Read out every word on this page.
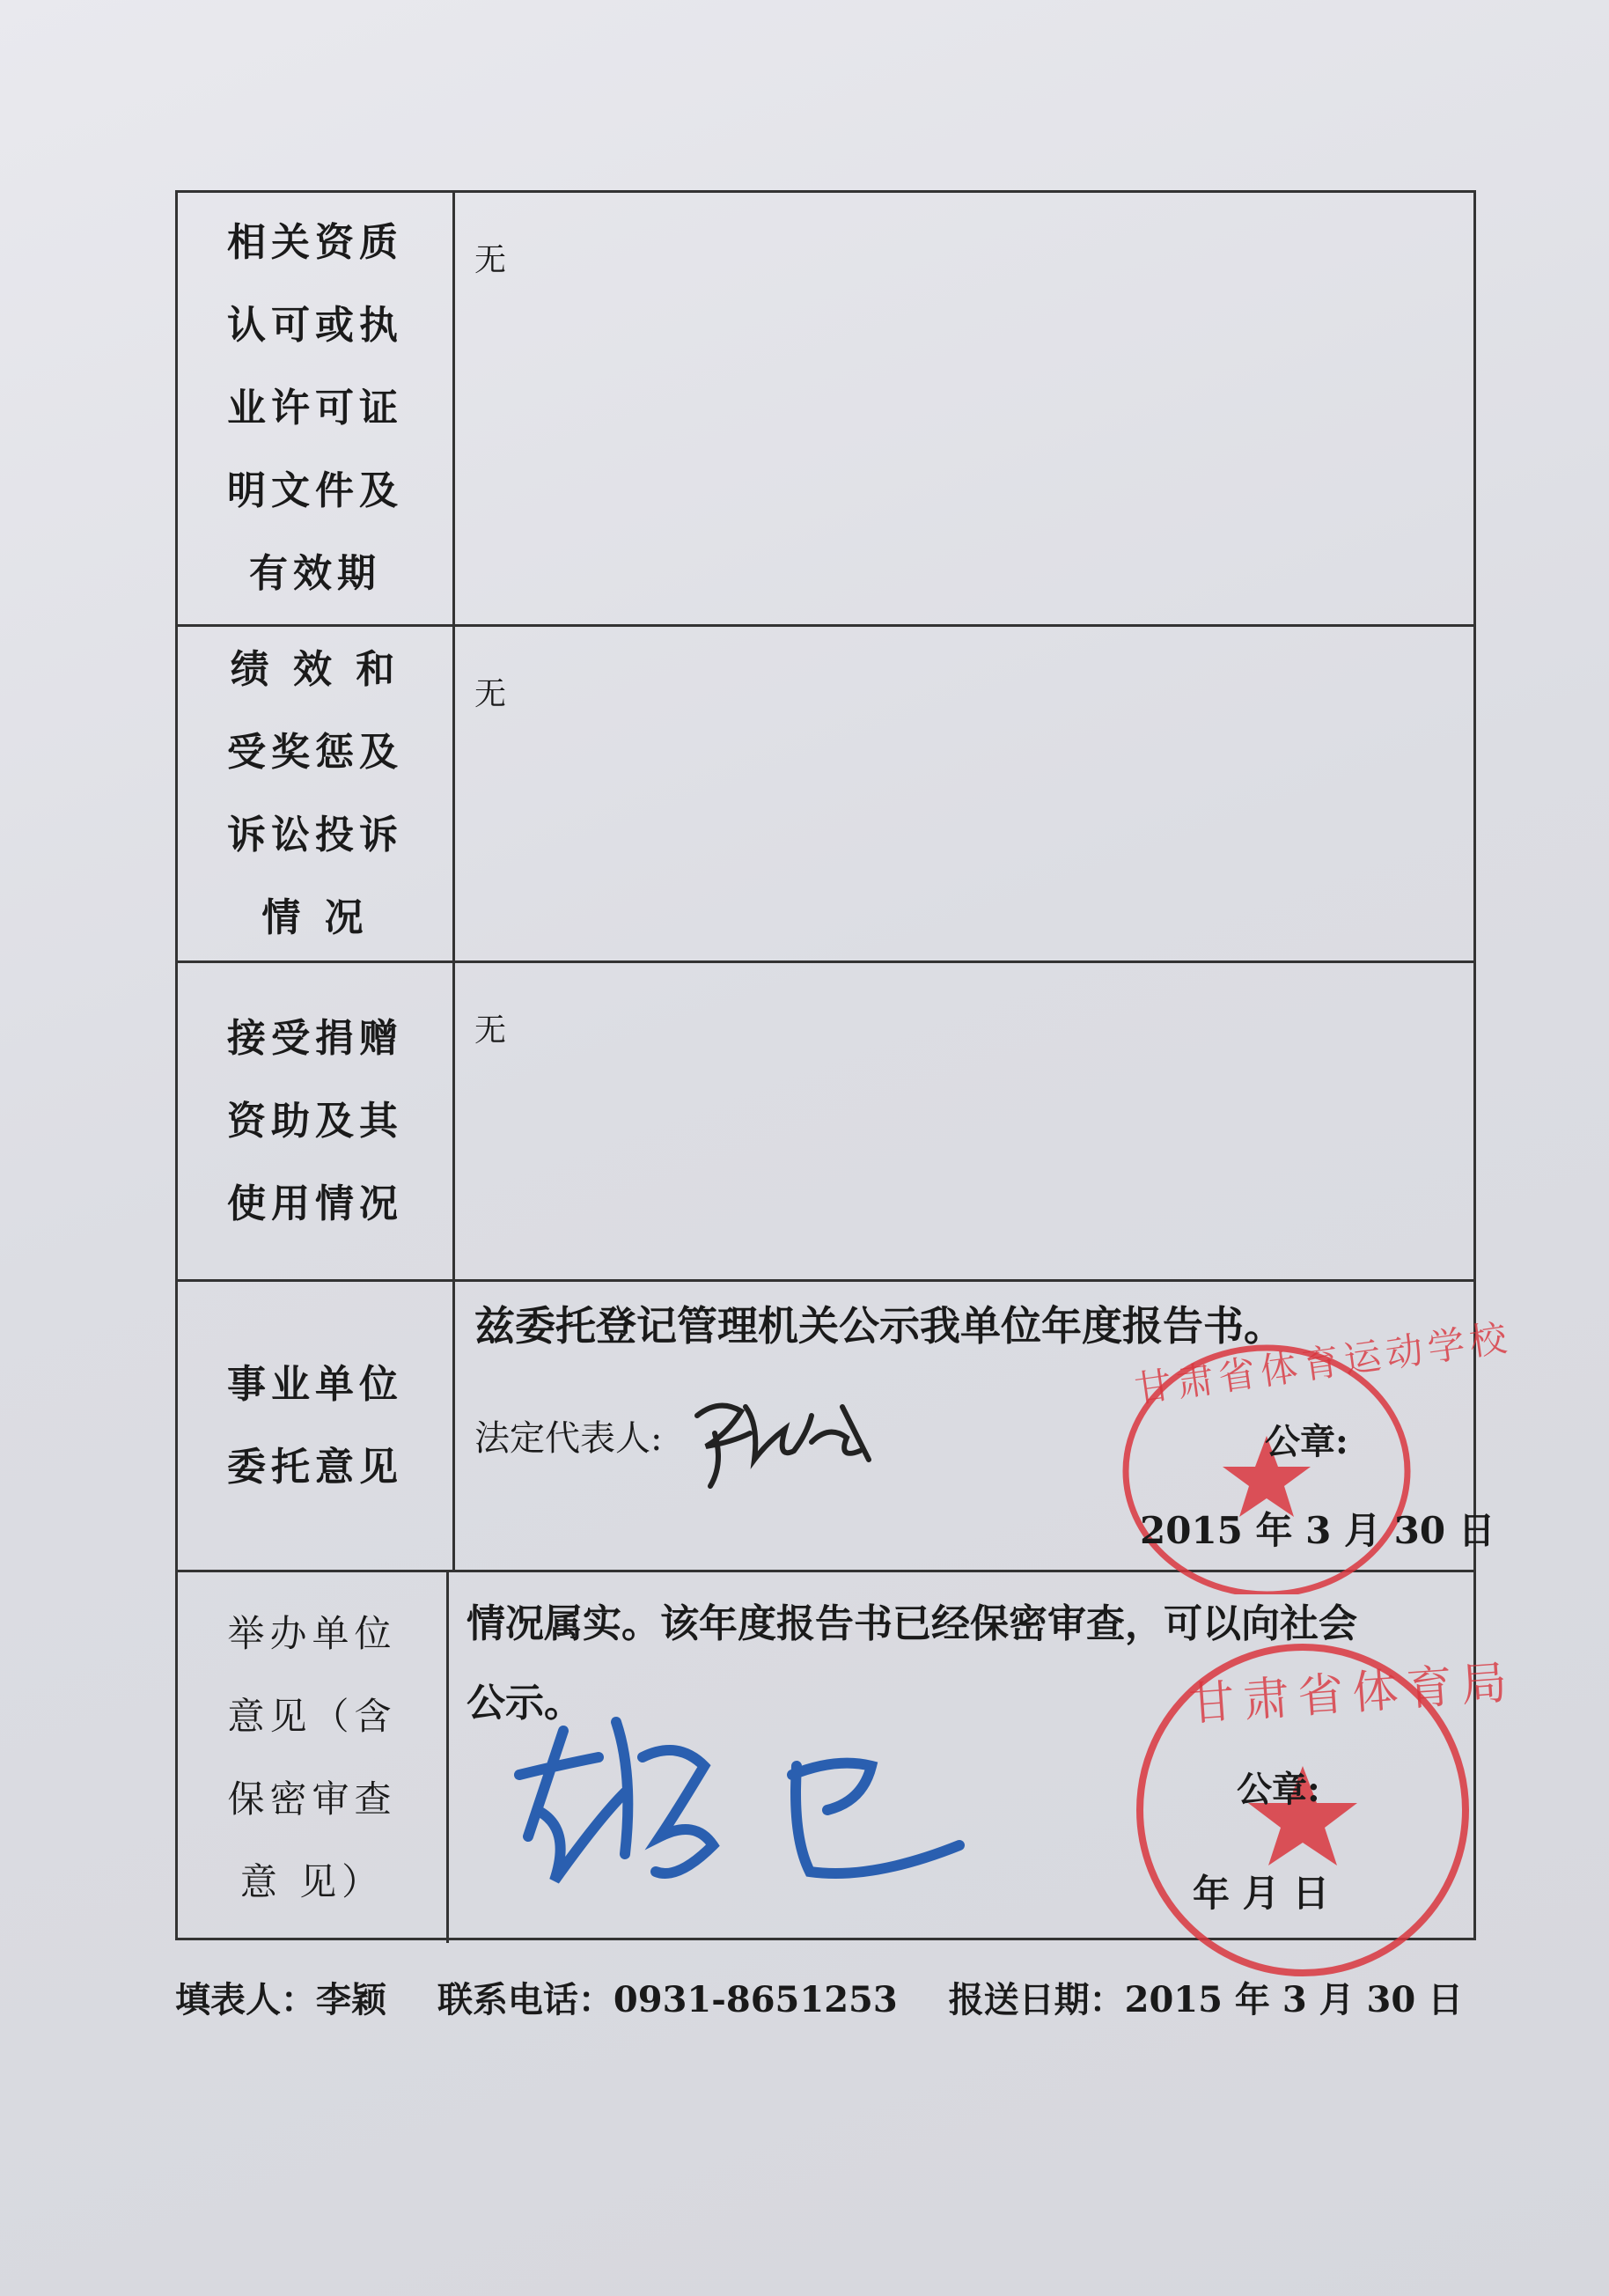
相关资质
认可或执
业许可证
明文件及
有效期
无
绩 效 和
受奖惩及
诉讼投诉
情 况
无
接受捐赠
资助及其
使用情况
无
事业单位
委托意见
兹委托登记管理机关公示我单位年度报告书。
法定代表人:
甘肃省体育运动学校
公章:
2015 年 3 月 30 日
举办单位
意见（含
保密审查
意 见）
情况属实。该年度报告书已经保密审查，可以向社会
公示。	甘肃省体育局
公章:
年 月 日
填表人：李颖 联系电话：0931-8651253 报送日期：2015 年 3 月 30 日
